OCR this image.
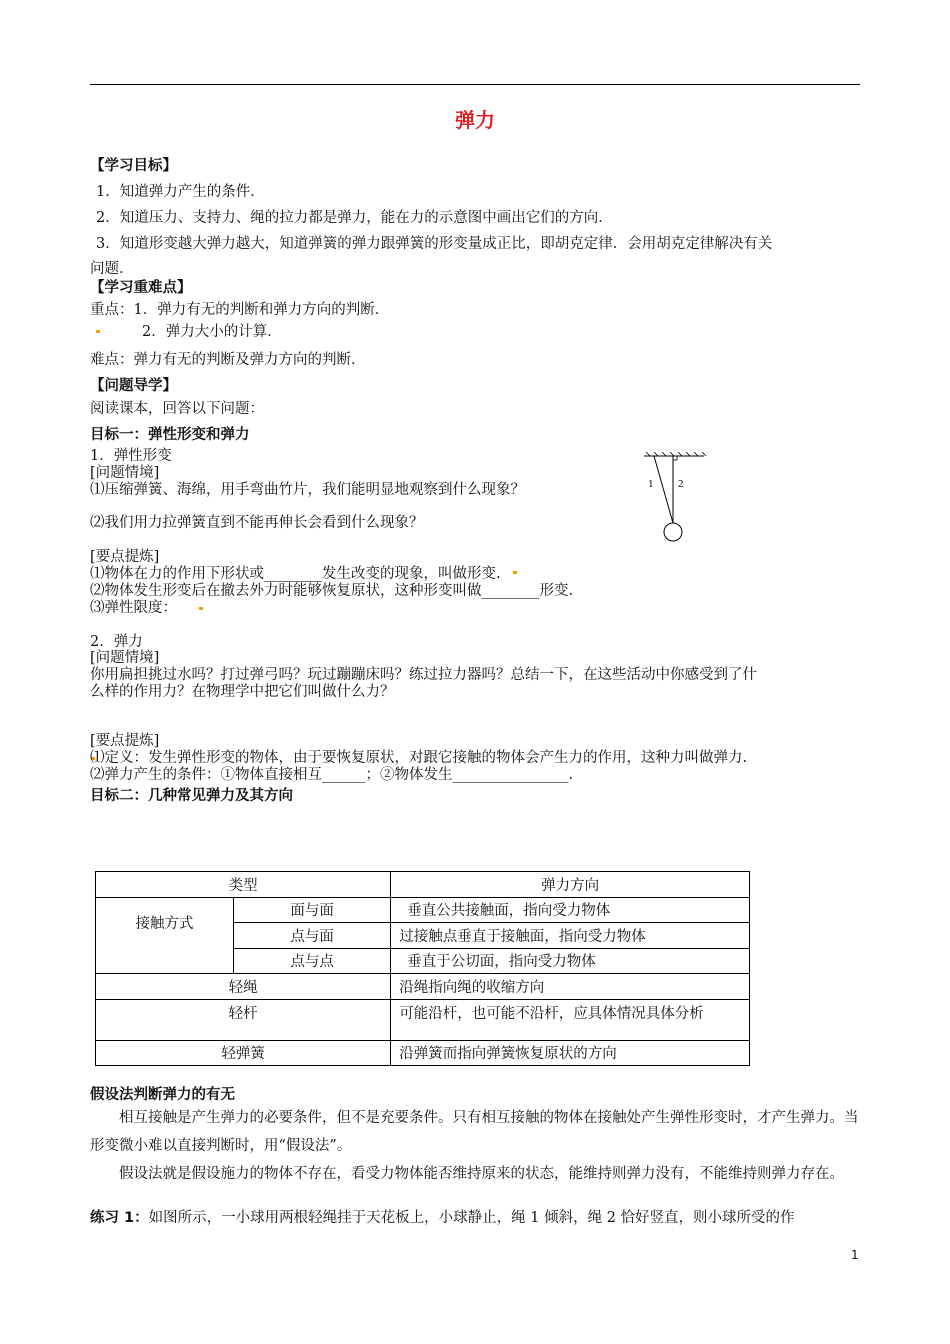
弹力
【学习目标】
1．知道弹力产生的条件．
2．知道压力、支持力、绳的拉力都是弹力，能在力的示意图中画出它们的方向．
3．知道形变越大弹力越大，知道弹簧的弹力跟弹簧的形变量成正比，即胡克定律．会用胡克定律解决有关
问题．
【学习重难点】
重点：1．弹力有无的判断和弹力方向的判断．
2．弹力大小的计算．
难点：弹力有无的判断及弹力方向的判断．
【问题导学】
阅读课本，回答以下问题：
目标一：弹性形变和弹力
1．弹性形变
[问题情境]
⑴压缩弹簧、海绵，用手弯曲竹片，我们能明显地观察到什么现象？
⑵我们用力拉弹簧直到不能再伸长会看到什么现象？
[要点提炼]
⑴物体在力的作用下形状或________发生改变的现象，叫做形变.
⑵物体发生形变后在撤去外力时能够恢复原状，这种形变叫做________形变.
⑶弹性限度：
1 2
2．弹力
[问题情境]
你用扁担挑过水吗？打过弹弓吗？玩过蹦蹦床吗？练过拉力器吗？总结一下，在这些活动中你感受到了什
么样的作用力？在物理学中把它们叫做什么力？
[要点提炼]
⑴定义：发生弹性形变的物体，由于要恢复原状，对跟它接触的物体会产生力的作用，这种力叫做弹力.
⑵弹力产生的条件：①物体直接相互______；②物体发生________________.
目标二：几种常见弹力及其方向
类型		弹力方向
接触方式	面与面	垂直公共接触面，指向受力物体
	点与面	过接触点垂直于接触面，指向受力物体
	点与点	垂直于公切面，指向受力物体
轻绳		沿绳指向绳的收缩方向
轻杆		可能沿杆，也可能不沿杆，应具体情况具体分析
轻弹簧		沿弹簧而指向弹簧恢复原状的方向
假设法判断弹力的有无
相互接触是产生弹力的必要条件，但不是充要条件。只有相互接触的物体在接触处产生弹性形变时，才产生弹力。当形变微小难以直接判断时，用“假设法”。
假设法就是假设施力的物体不存在，看受力物体能否维持原来的状态，能维持则弹力没有，不能维持则弹力存在。
练习 1：如图所示，一小球用两根轻绳挂于天花板上，小球静止，绳 1 倾斜，绳 2 恰好竖直，则小球所受的作
1
